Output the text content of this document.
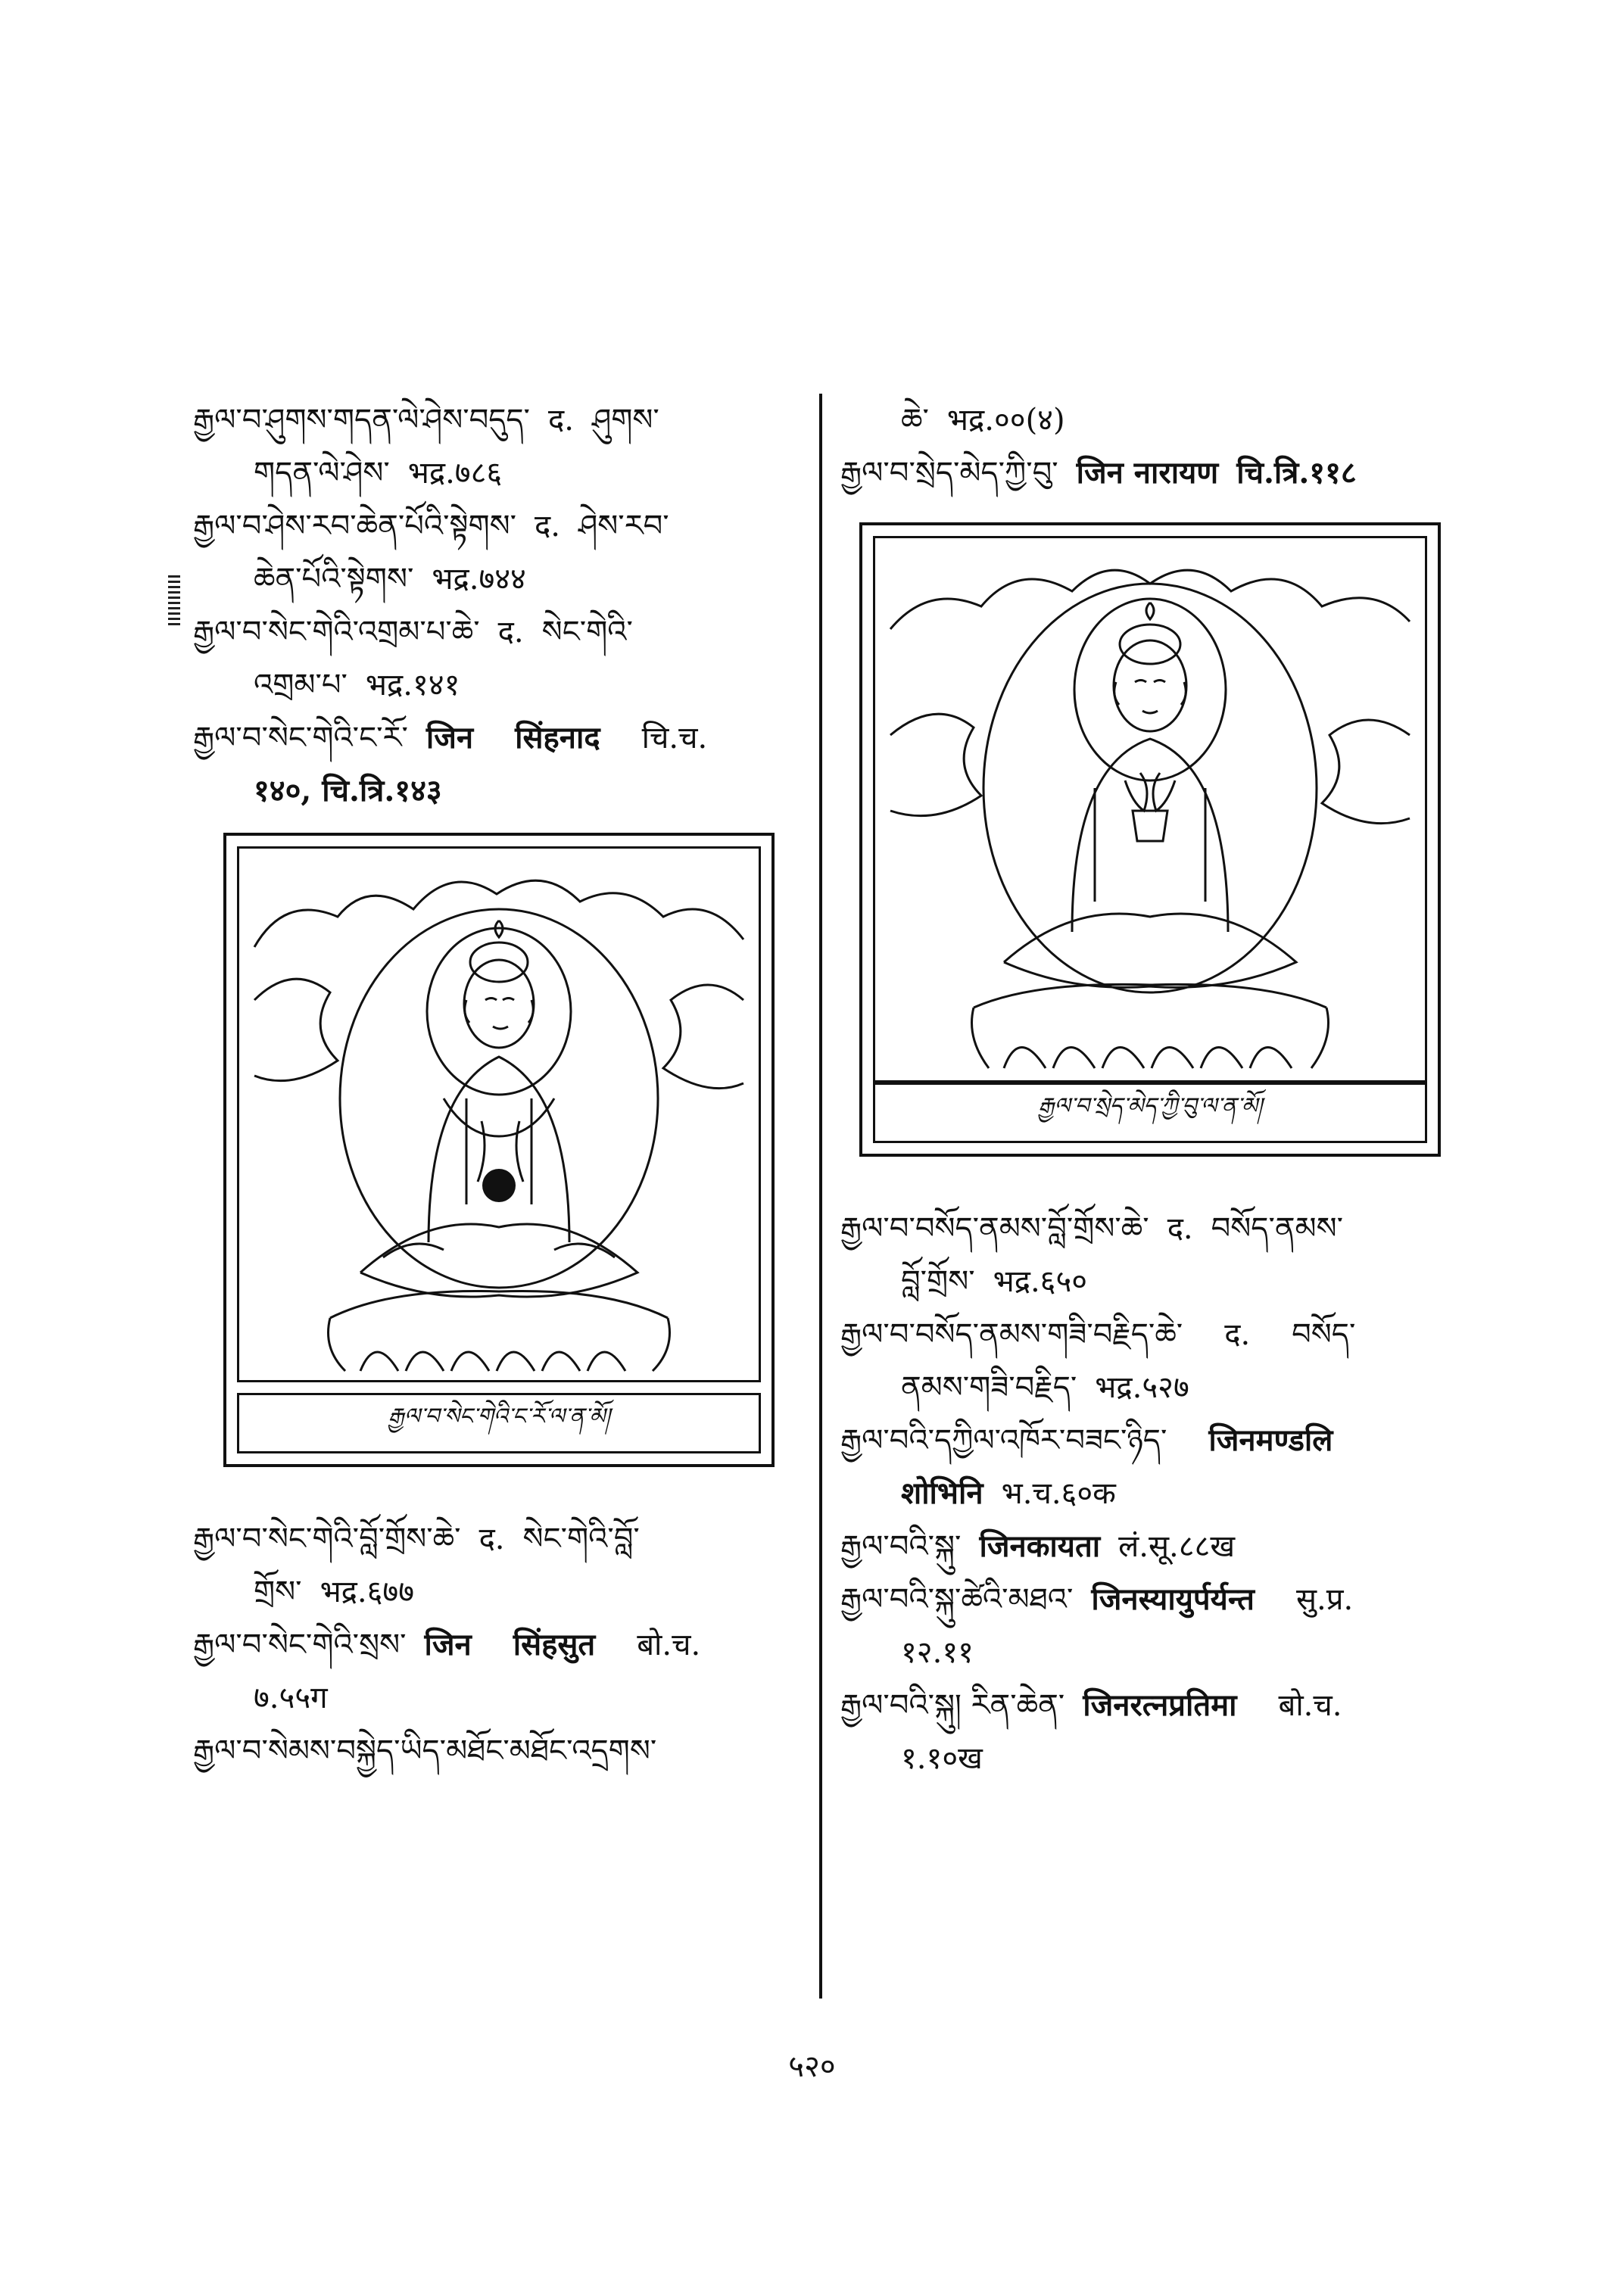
རྒྱལ་བ་ཤུགས་གདན་ལེ་ཤེས་བདུད་ द. ཤུགས་
གདན་ལེ་ཤེས་ भद्र.७८६
རྒྱལ་བ་ཤེས་རབ་ཆེན་པོའི་སྟེགས་ द. ཤེས་རབ་
ཆེན་པོའི་སྟེགས་ भद्र.७४४
རྒྱལ་བ་སེང་གེའི་འགྲམ་པ་ཆེ་ द. སེང་གེའི་
འགྲམ་པ་ भद्र.१४१
རྒྱལ་བ་སེང་གེའི་ང་རོ་ जिन सिंहनाद चि.च.
१४०, चि.त्रि.१४३
རྒྱལ་བ་སེང་གེའི་ང་རོ་ལ་ན་མོ།
རྒྱལ་བ་སེང་གེའི་བློ་གྲོས་ཆེ་ द. སེང་གེའི་བློ་
གྲོས་ भद्र.६७७
རྒྱལ་བ་སེང་གེའི་སྲས་ जिन सिंहसुत बो.च.
७.५५ग
རྒྱལ་བ་སེམས་བསྐྱེད་ཡིད་མཐོང་མཐོང་འདྲགས་
ཆེ་ भद्र.००(४)
རྒྱལ་བ་སྲེད་མེད་ཀྱི་བུ་ जिन नारायण चि.त्रि.११८
རྒྱལ་བ་སྲེད་མེད་ཀྱི་བུ་ལ་ན་མོ།
རྒྱལ་བ་བསོད་ནམས་བློ་གྲོས་ཆེ་ द. བསོད་ནམས་
བློ་གྲོས་ भद्र.६५०
རྒྱལ་བ་བསོད་ནམས་གཟི་བརྗིད་ཆེ་ द. བསོད་
ནམས་གཟི་བརྗིད་ भद्र.५२७
རྒྱལ་བའི་དཀྱིལ་འཁོར་བཟང་ཉིད་ जिनमण्डलि
शोभिनि भ.च.६०क
རྒྱལ་བའི་སྐུ་ जिनकायता लं.सू.८८ख
རྒྱལ་བའི་སྐུ་ཚེའི་མཐའ་ जिनस्यायुर्पर्यन्त सु.प्र.
१२.११
རྒྱལ་བའི་སྐུ། རིན་ཆེན་ जिनरत्नप्रतिमा बो.च.
१.१०ख
५२०
